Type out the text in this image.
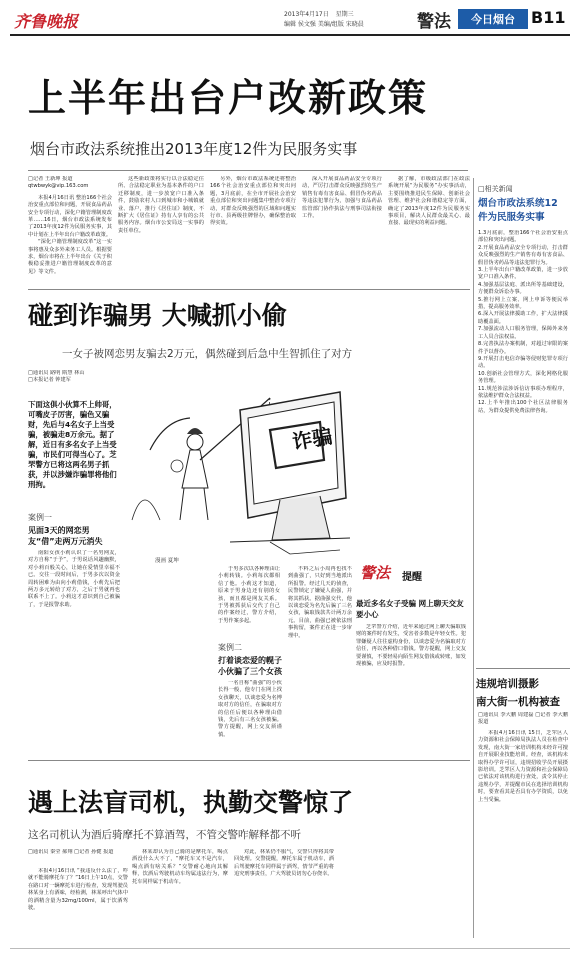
齐鲁晚报	2013年4月17日 星期三
编辑 侯文强 美编/组版 宋晓晨	警法	今日烟台	B11
上半年出台户改新政策
烟台市政法系统推出2013年度12件为民服务实事
□记者 王新坤 报道
qtwbwyk@vip.163.com
本报4月16日讯 整治166个社会治安重点部位和问题，开展食品药品安全专项行动，深化户籍管理制度改革……16日，烟台市政法系统发布了2013年度12件为民服务实事，其中计划在上半年出台户籍改革政策。
“深化户籍管理制度改革”这一实事将惠及众多外来务工人员。根据要求，烟台市将在上半年出台《关于积极稳妥推进户籍管理制度改革的意见》等文件。
这些新政策将实行以合法稳定住所、合法稳定职业为基本条件的户口迁移制度，进一步放宽户口准入条件，鼓励农村人口到城市和小城镇就业、落户，推行《居住证》制度，不断扩大《居住证》持有人享有的公共服务内容。烟台市公安局这一实事的责任单位。
另外，烟台市政法系统还将整治166个社会治安重点部位和突出问题，3月底前，在全市开展社会治安重点部位和突出问题集中整治专项行动，对群众反映强烈的区域和问题实行市、县两级挂牌督办，确保整治取得实效。
深入开展食品药品安全专项行动，严厉打击群众反映强烈的生产销售有毒有害食品、假冒伪劣药品等违法犯罪行为，加强与食品药品监管部门协作执法与刑事司法衔接工作。
据了解，市级政法部门在政法系统开展“为民服务”办实事活动，主要围绕推进民生保障、创新社会管理、维护社会和谐稳定等方面，确定了2013年度12件为民服务实事项目，解决人民群众最关心、最直接、最现实的利益问题。
□相关新闻
烟台市政法系统12件为民服务实事
1.3月底前，整治166个社会治安重点部位和突出问题。
2.开展食品药品安全专项行动，打击群众反映强烈的生产销售有毒有害食品、假冒伪劣药品等违法犯罪行为。
3.上半年出台户籍改革政策，进一步放宽户口准入条件。
4.加强基层法庭、派出所等基础建设，方便群众诉讼办事。
5.推行网上立案、网上申诉等便民举措，提高服务效率。
6.深入开展法律援助工作，扩大法律援助覆盖面。
7.加强流动人口服务管理，保障外来务工人员合法权益。
8.完善执法办案机制，对超过审限的案件予以督办。
9.开展打击电信诈骗等侵财犯罪专项行动。
10.创新社会管理方式，深化网格化服务管理。
11.规范涉法涉诉信访事项办理程序，依法维护群众合法权益。
12.上半年推出100个社区法律服务站，为群众提供免费法律咨询。
违规培训摄影
南大街一机构被查
□通讯员 李大鹏 周建磊 □记者 李大鹏 报道
本报4月16日讯 15日，芝罘区人力资源和社会保障局执法人员在检查中发现，南大街一家培训机构未经许可擅自开展职业技能培训。经查，该机构未取得办学许可证，违规招收学员开展摄影培训。芝罘区人力资源和社会保障局已依法对该机构进行查处，责令其停止违规办学，并提醒市民在选择培训机构时，要查看其是否具有办学资质，以免上当受骗。
碰到诈骗男 大喊抓小偷
一女子被网恋男友骗去2万元，偶然碰到后急中生智抓住了对方
□通讯员 路明 隋慧 林山
□本报记者 钟建军
下面这俱小伙算不上帅哥，可嘴皮子厉害，骗色又骗财，先后与4名女子上当受骗，被骗走8万余元。据了解，近日有多名女子上当受骗，市民们可得当心了。芝罘警方已将这两名男子抓获，并以涉嫌诈骗罪将他们刑拘。
案例一
见面3天的网恋男友“借”走两万元消失
南阳女孩小莉认识了一名男网友，对方自称“于予”，于男说话风趣幽默，对小莉百般关心，让她在爱情里幸福不已。交往一段时间后，于男多次以资金周转困难为由向小莉借钱，小莉先后把两万多元转给了对方，之后于男就再也联系不上了。小莉这才意识到自己被骗了，于是报警求助。
诈骗
漫画 夏坤
于男多次以各种理由让小莉转钱。小莉每次都相信了他。小莉这才知道，原来于男身边还有别的女孩，而且都是网友关系。于男被抓获后交代了自己的作案经过，警方介绍，于男作案多起。
案例二
打着谈恋爱的幌子小伙骗了三个女孩
一名自称“曲强”的小伙长得一般，他专门在网上找女孩聊天，以谈恋爱为名博取对方的信任，在骗取对方的信任后便以各种理由借钱，先后有三名女孩被骗。警方提醒，网上交友须谨慎。
不料之后小周再也找不到曲强了，只好到当地派出所报警。经过几天的侦查，民警锁定了嫌疑人曲强，并将其抓获。据曲强交代，他以谈恋爱为名先后骗了三名女孩，骗取钱款共计两万余元。目前，曲强已被依法刑事拘留，案件正在进一步审理中。
警法 提醒
最近多名女子受骗 网上聊天交友要小心
芝罘警方介绍，近年来通过网上聊天骗取钱财的案件时有发生，受害者多数是年轻女性。犯罪嫌疑人往往虚构身份，以谈恋爱为名骗取对方信任，再以各种借口借钱。警方提醒，网上交友要谨慎，不要轻易向陌生网友借钱或转账，如发现被骗，应及时报警。
遇上法盲司机，执勤交警惊了
这名司机认为酒后骑摩托不算酒驾，不管交警咋解释都不听
□通讯员 秦莹 郝翔 □记者 孙健 报道
本报4月16日讯 “我违反什么法了，咋就不能骑摩托车了？”16日上午10点，交警在路口对一辆摩托车进行检查，发现驾驶员林某身上有酒味，经检测，林某呼出气体中的酒精含量为32mg/100ml，属于饮酒驾驶。
林某却认为自己骑的是摩托车，喝点酒没什么大不了，“摩托车又不是汽车，喝点酒有啥关系？”交警耐心地向其解释，饮酒后驾驶机动车均属违法行为，摩托车同样属于机动车。
对此，林某仍不服气，交警只得将其带回处理。交警提醒，摩托车属于机动车，酒后驾驶摩托车同样属于酒驾，情节严重的将追究刑事责任，广大驾驶员切勿心存侥幸。
